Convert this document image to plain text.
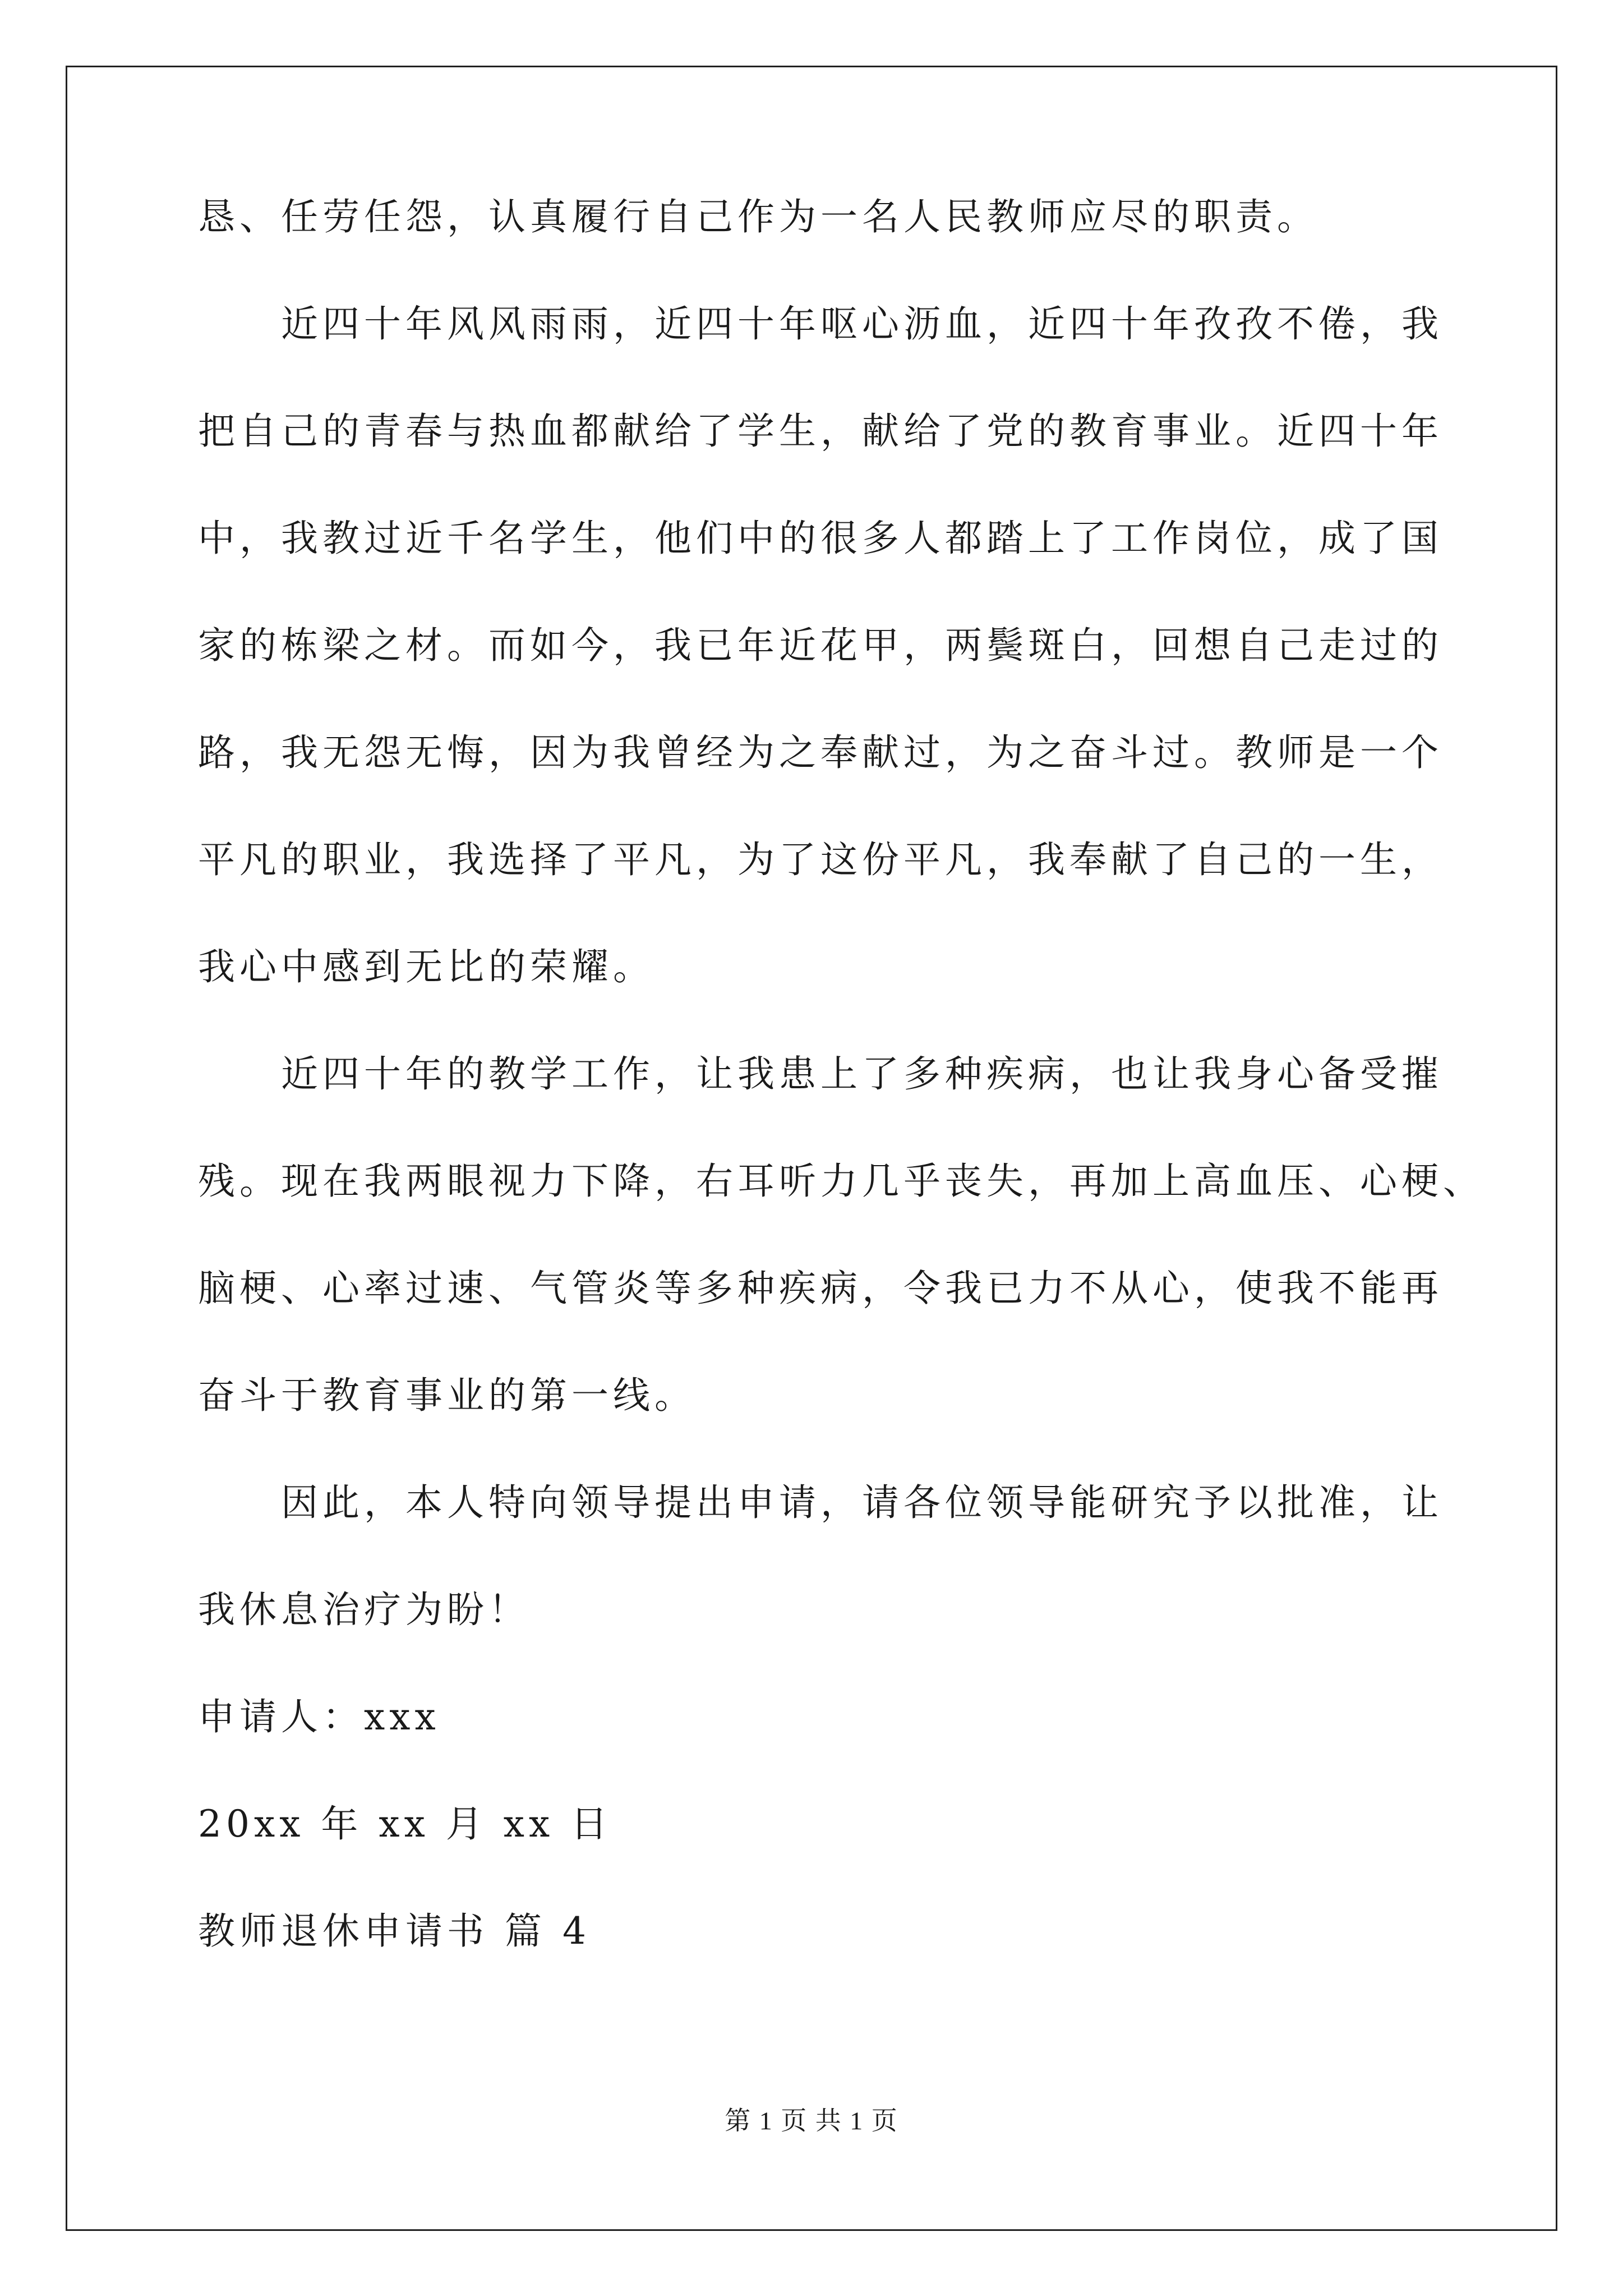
恳、任劳任怨，认真履行自己作为一名人民教师应尽的职责。
近四十年风风雨雨，近四十年呕心沥血，近四十年孜孜不倦，我
把自己的青春与热血都献给了学生，献给了党的教育事业。近四十年
中，我教过近千名学生，他们中的很多人都踏上了工作岗位，成了国
家的栋梁之材。而如今，我已年近花甲，两鬓斑白，回想自己走过的
路，我无怨无悔，因为我曾经为之奉献过，为之奋斗过。教师是一个
平凡的职业，我选择了平凡，为了这份平凡，我奉献了自己的一生，
我心中感到无比的荣耀。
近四十年的教学工作，让我患上了多种疾病，也让我身心备受摧
残。现在我两眼视力下降，右耳听力几乎丧失，再加上高血压、心梗、
脑梗、心率过速、气管炎等多种疾病，令我已力不从心，使我不能再
奋斗于教育事业的第一线。
因此，本人特向领导提出申请，请各位领导能研究予以批准，让
我休息治疗为盼！
申请人：xxx
20xx 年 xx 月 xx 日
教师退休申请书 篇 4
第 1 页 共 1 页
